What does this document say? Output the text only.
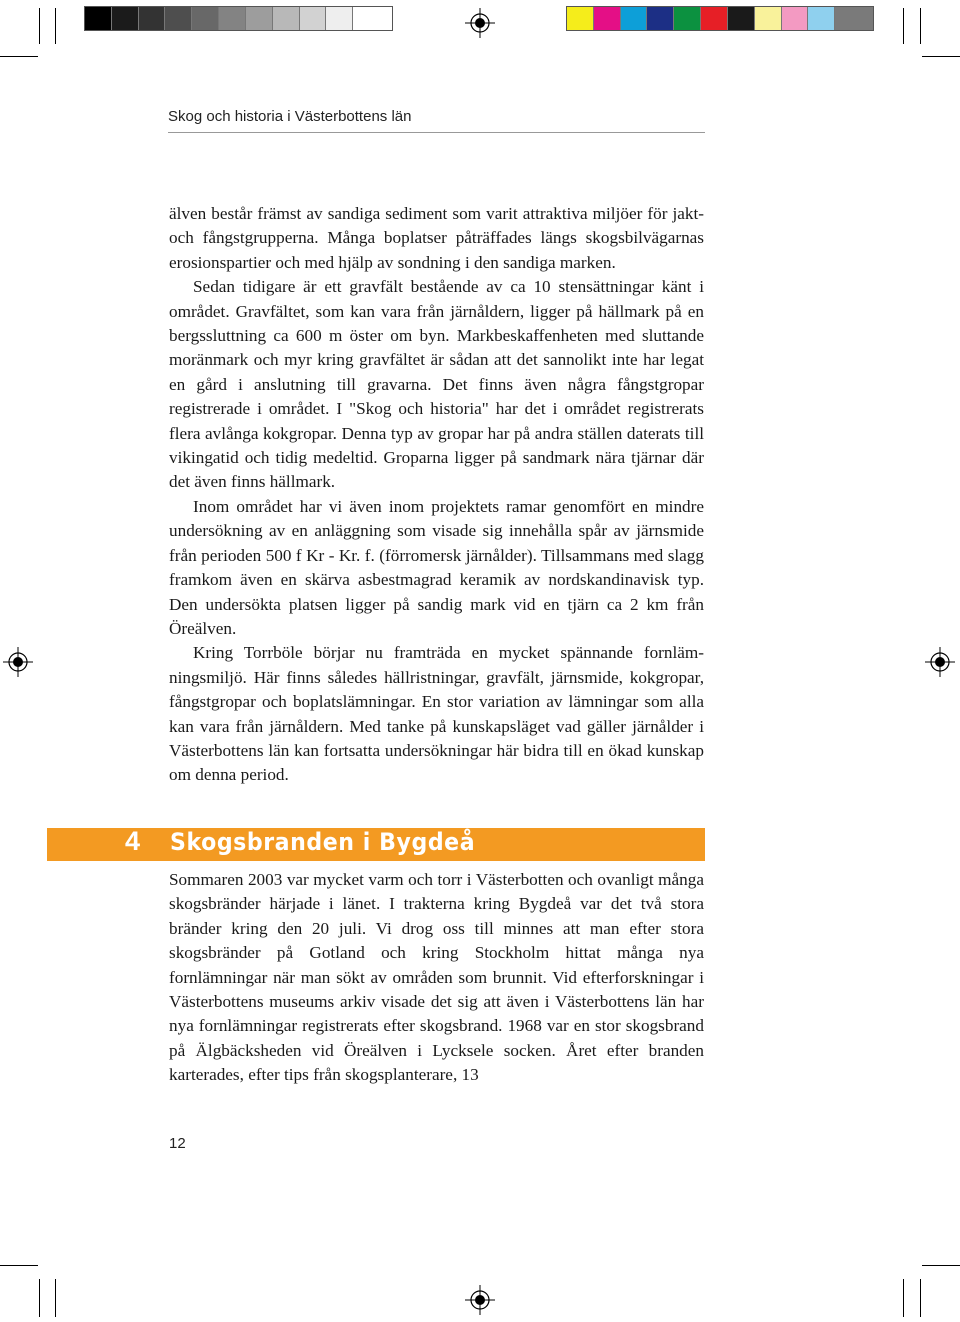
Skog och historia i Västerbottens län

älven består främst av sandiga sediment som varit attraktiva miljöer för jakt- och fångstgrupperna. Många boplatser påträffades längs skogsbilvägarnas erosionspartier och med hjälp av sondning i den sandiga marken.

Sedan tidigare är ett gravfält bestående av ca 10 stensättningar känt i området. Gravfältet, som kan vara från järnåldern, ligger på hällmark på en bergssluttning ca 600 m öster om byn. Markbeskaffenheten med sluttande moränmark och myr kring gravfältet är sådan att det sannolikt inte har legat en gård i anslutning till gravarna. Det finns även några fångstgropar registrerade i området. I "Skog och historia" har det i området registrerats flera avlånga kokgropar. Denna typ av gropar har på andra ställen daterats till vikingatid och tidig medeltid. Groparna ligger på sandmark nära tjärnar där det även finns hällmark.

Inom området har vi även inom projektets ramar genomfört en mindre undersökning av en anläggning som visade sig innehålla spår av järnsmide från perioden 500 f Kr - Kr. f. (förromersk järnålder). Tillsammans med slagg framkom även en skärva asbestmagrad keramik av nordskandinavisk typ. Den undersökta platsen ligger på sandig mark vid en tjärn ca 2 km från Öreälven.

Kring Torrböle börjar nu framträda en mycket spännande fornlämningsmiljö. Här finns således hällristningar, gravfält, järnsmide, kokgropar, fångstgropar och boplatslämningar. En stor variation av lämningar som alla kan vara från järnåldern. Med tanke på kunskapsläget vad gäller järnålder i Västerbottens län kan fortsatta undersökningar här bidra till en ökad kunskap om denna period.

4 Skogsbranden i Bygdeå

Sommaren 2003 var mycket varm och torr i Västerbotten och ovanligt många skogsbränder härjade i länet. I trakterna kring Bygdeå var det två stora bränder kring den 20 juli. Vi drog oss till minnes att man efter stora skogsbränder på Gotland och kring Stockholm hittat många nya fornlämningar när man sökt av områden som brunnit. Vid efterforskningar i Västerbottens museums arkiv visade det sig att även i Västerbottens län har nya fornlämningar registrerats efter skogsbrand. 1968 var en stor skogsbrand på Älgbäcksheden vid Öreälven i Lycksele socken. Året efter branden karterades, efter tips från skogsplanterare, 13

12
